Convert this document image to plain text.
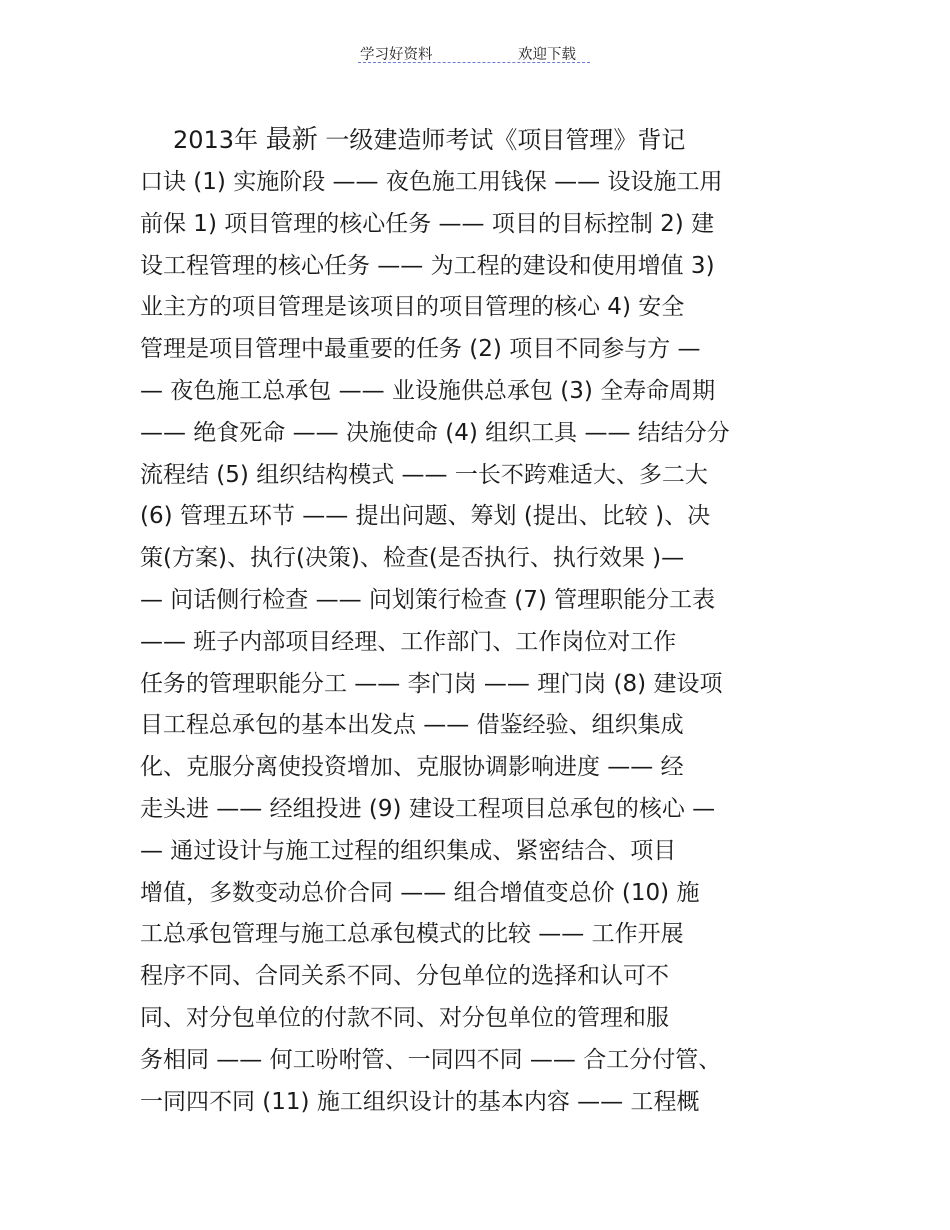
学习好资料	欢迎下载
2013年 最新 一级建造师考试《项目管理》背记
口诀 (1) 实施阶段 —— 夜色施工用钱保 —— 设设施工用
前保 1) 项目管理的核心任务 —— 项目的目标控制 2) 建
设工程管理的核心任务 —— 为工程的建设和使用增值 3)
业主方的项目管理是该项目的项目管理的核心 4) 安全
管理是项目管理中最重要的任务 (2) 项目不同参与方 —
— 夜色施工总承包 —— 业设施供总承包 (3) 全寿命周期
—— 绝食死命 —— 决施使命 (4) 组织工具 —— 结结分分
流程结 (5) 组织结构模式 —— 一长不跨难适大、多二大
(6) 管理五环节 —— 提出问题、筹划 (提出、比较 )、决
策(方案)、执行(决策)、检查(是否执行、执行效果 )—
— 问话侧行检查 —— 问划策行检查 (7) 管理职能分工表
—— 班子内部项目经理、工作部门、工作岗位对工作
任务的管理职能分工 —— 李门岗 —— 理门岗 (8) 建设项
目工程总承包的基本出发点 —— 借鉴经验、组织集成
化、克服分离使投资增加、克服协调影响进度 —— 经
走头进 —— 经组投进 (9) 建设工程项目总承包的核心 —
— 通过设计与施工过程的组织集成、紧密结合、项目
增值，多数变动总价合同 —— 组合增值变总价 (10) 施
工总承包管理与施工总承包模式的比较 —— 工作开展
程序不同、合同关系不同、分包单位的选择和认可不
同、对分包单位的付款不同、对分包单位的管理和服
务相同 —— 何工吩咐管、一同四不同 —— 合工分付管、
一同四不同 (11) 施工组织设计的基本内容 —— 工程概
